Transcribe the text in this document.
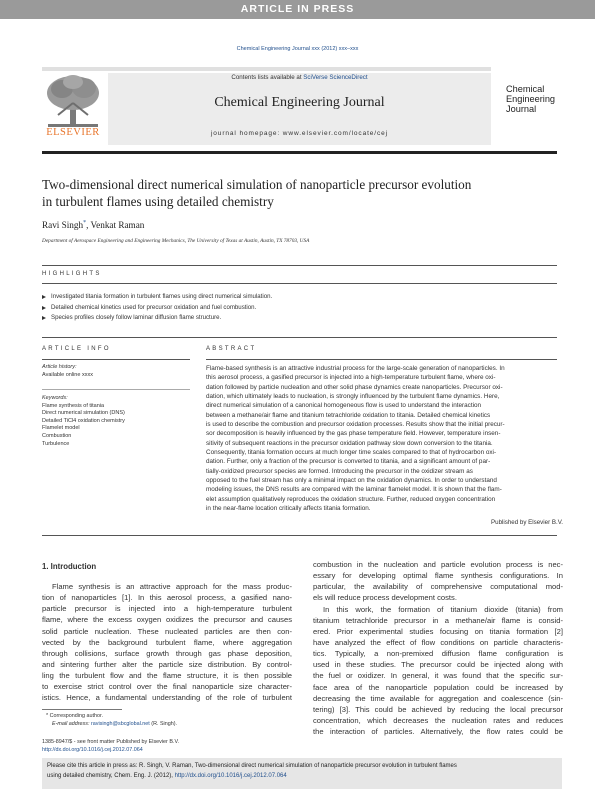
ARTICLE IN PRESS
Chemical Engineering Journal xxx (2012) xxx–xxx
ELSEVIER
Contents lists available at SciVerse ScienceDirect
Chemical Engineering Journal
journal homepage: www.elsevier.com/locate/cej
Chemical
Engineering
Journal
Two-dimensional direct numerical simulation of nanoparticle precursor evolution
in turbulent flames using detailed chemistry
Ravi Singh*, Venkat Raman
Department of Aerospace Engineering and Engineering Mechanics, The University of Texas at Austin, Austin, TX 78703, USA
HIGHLIGHTS
Investigated titania formation in turbulent flames using direct numerical simulation.
Detailed chemical kinetics used for precursor oxidation and fuel combustion.
Species profiles closely follow laminar diffusion flame structure.
ARTICLE INFO
Article history:
Available online xxxx
Keywords:
Flame synthesis of titania
Direct numerical simulation (DNS)
Detailed TiCl4 oxidation chemistry
Flamelet model
Combustion
Turbulence
ABSTRACT
Flame-based synthesis is an attractive industrial process for the large-scale generation of nanoparticles. In
this aerosol process, a gasified precursor is injected into a high-temperature turbulent flame, where oxi-
dation followed by particle nucleation and other solid phase dynamics create nanoparticles. Precursor oxi-
dation, which ultimately leads to nucleation, is strongly influenced by the turbulent flame dynamics. Here,
direct numerical simulation of a canonical homogeneous flow is used to understand the interaction
between a methane/air flame and titanium tetrachloride oxidation to titania. Detailed chemical kinetics
is used to describe the combustion and precursor oxidation processes. Results show that the initial precur-
sor decomposition is heavily influenced by the gas phase temperature field. However, temperature insen-
sitivity of subsequent reactions in the precursor oxidation pathway slow down conversion to the titania.
Consequently, titania formation occurs at much longer time scales compared to that of hydrocarbon oxi-
dation. Further, only a fraction of the precursor is converted to titania, and a significant amount of par-
tially-oxidized precursor species are formed. Introducing the precursor in the oxidizer stream as
opposed to the fuel stream has only a minimal impact on the oxidation dynamics. In order to understand
modeling issues, the DNS results are compared with the laminar flamelet model. It is shown that the flam-
elet assumption qualitatively reproduces the oxidation structure. Further, reduced oxygen concentration
in the near-flame location critically affects titania formation.
Published by Elsevier B.V.
1. Introduction
Flame synthesis is an attractive approach for the mass produc-
tion of nanoparticles [1]. In this aerosol process, a gasified nano-
particle precursor is injected into a high-temperature turbulent
flame, where the excess oxygen oxidizes the precursor and causes
solid particle nucleation. These nucleated particles are then con-
vected by the background turbulent flame, where aggregation
through collisions, surface growth through gas phase deposition,
and sintering further alter the particle size distribution. By control-
ling the turbulent flow and the flame structure, it is then possible
to exercise strict control over the final nanoparticle size character-
istics. Hence, a fundamental understanding of the role of turbulent
combustion in the nucleation and particle evolution process is nec-
essary for developing optimal flame synthesis configurations. In
particular, the availability of comprehensive computational mod-
els will reduce process development costs.
In this work, the formation of titanium dioxide (titania) from
titanium tetrachloride precursor in a methane/air flame is consid-
ered. Prior experimental studies focusing on titania formation [2]
have analyzed the effect of flow conditions on particle characteris-
tics. Typically, a non-premixed diffusion flame configuration is
used in these studies. The precursor could be injected along with
the fuel or oxidizer. In general, it was found that the specific sur-
face area of the nanoparticle population could be increased by
decreasing the time available for aggregation and coalescence (sin-
tering) [3]. This could be achieved by reducing the local precursor
concentration, which decreases the nucleation rates and reduces
the interaction of particles. Alternatively, the flow rates could be
* Corresponding author.
E-mail address: ravisingh@sbcglobal.net (R. Singh).
1385-8947/$ - see front matter Published by Elsevier B.V.
http://dx.doi.org/10.1016/j.cej.2012.07.064
Please cite this article in press as: R. Singh, V. Raman, Two-dimensional direct numerical simulation of nanoparticle precursor evolution in turbulent flames
using detailed chemistry, Chem. Eng. J. (2012), http://dx.doi.org/10.1016/j.cej.2012.07.064
